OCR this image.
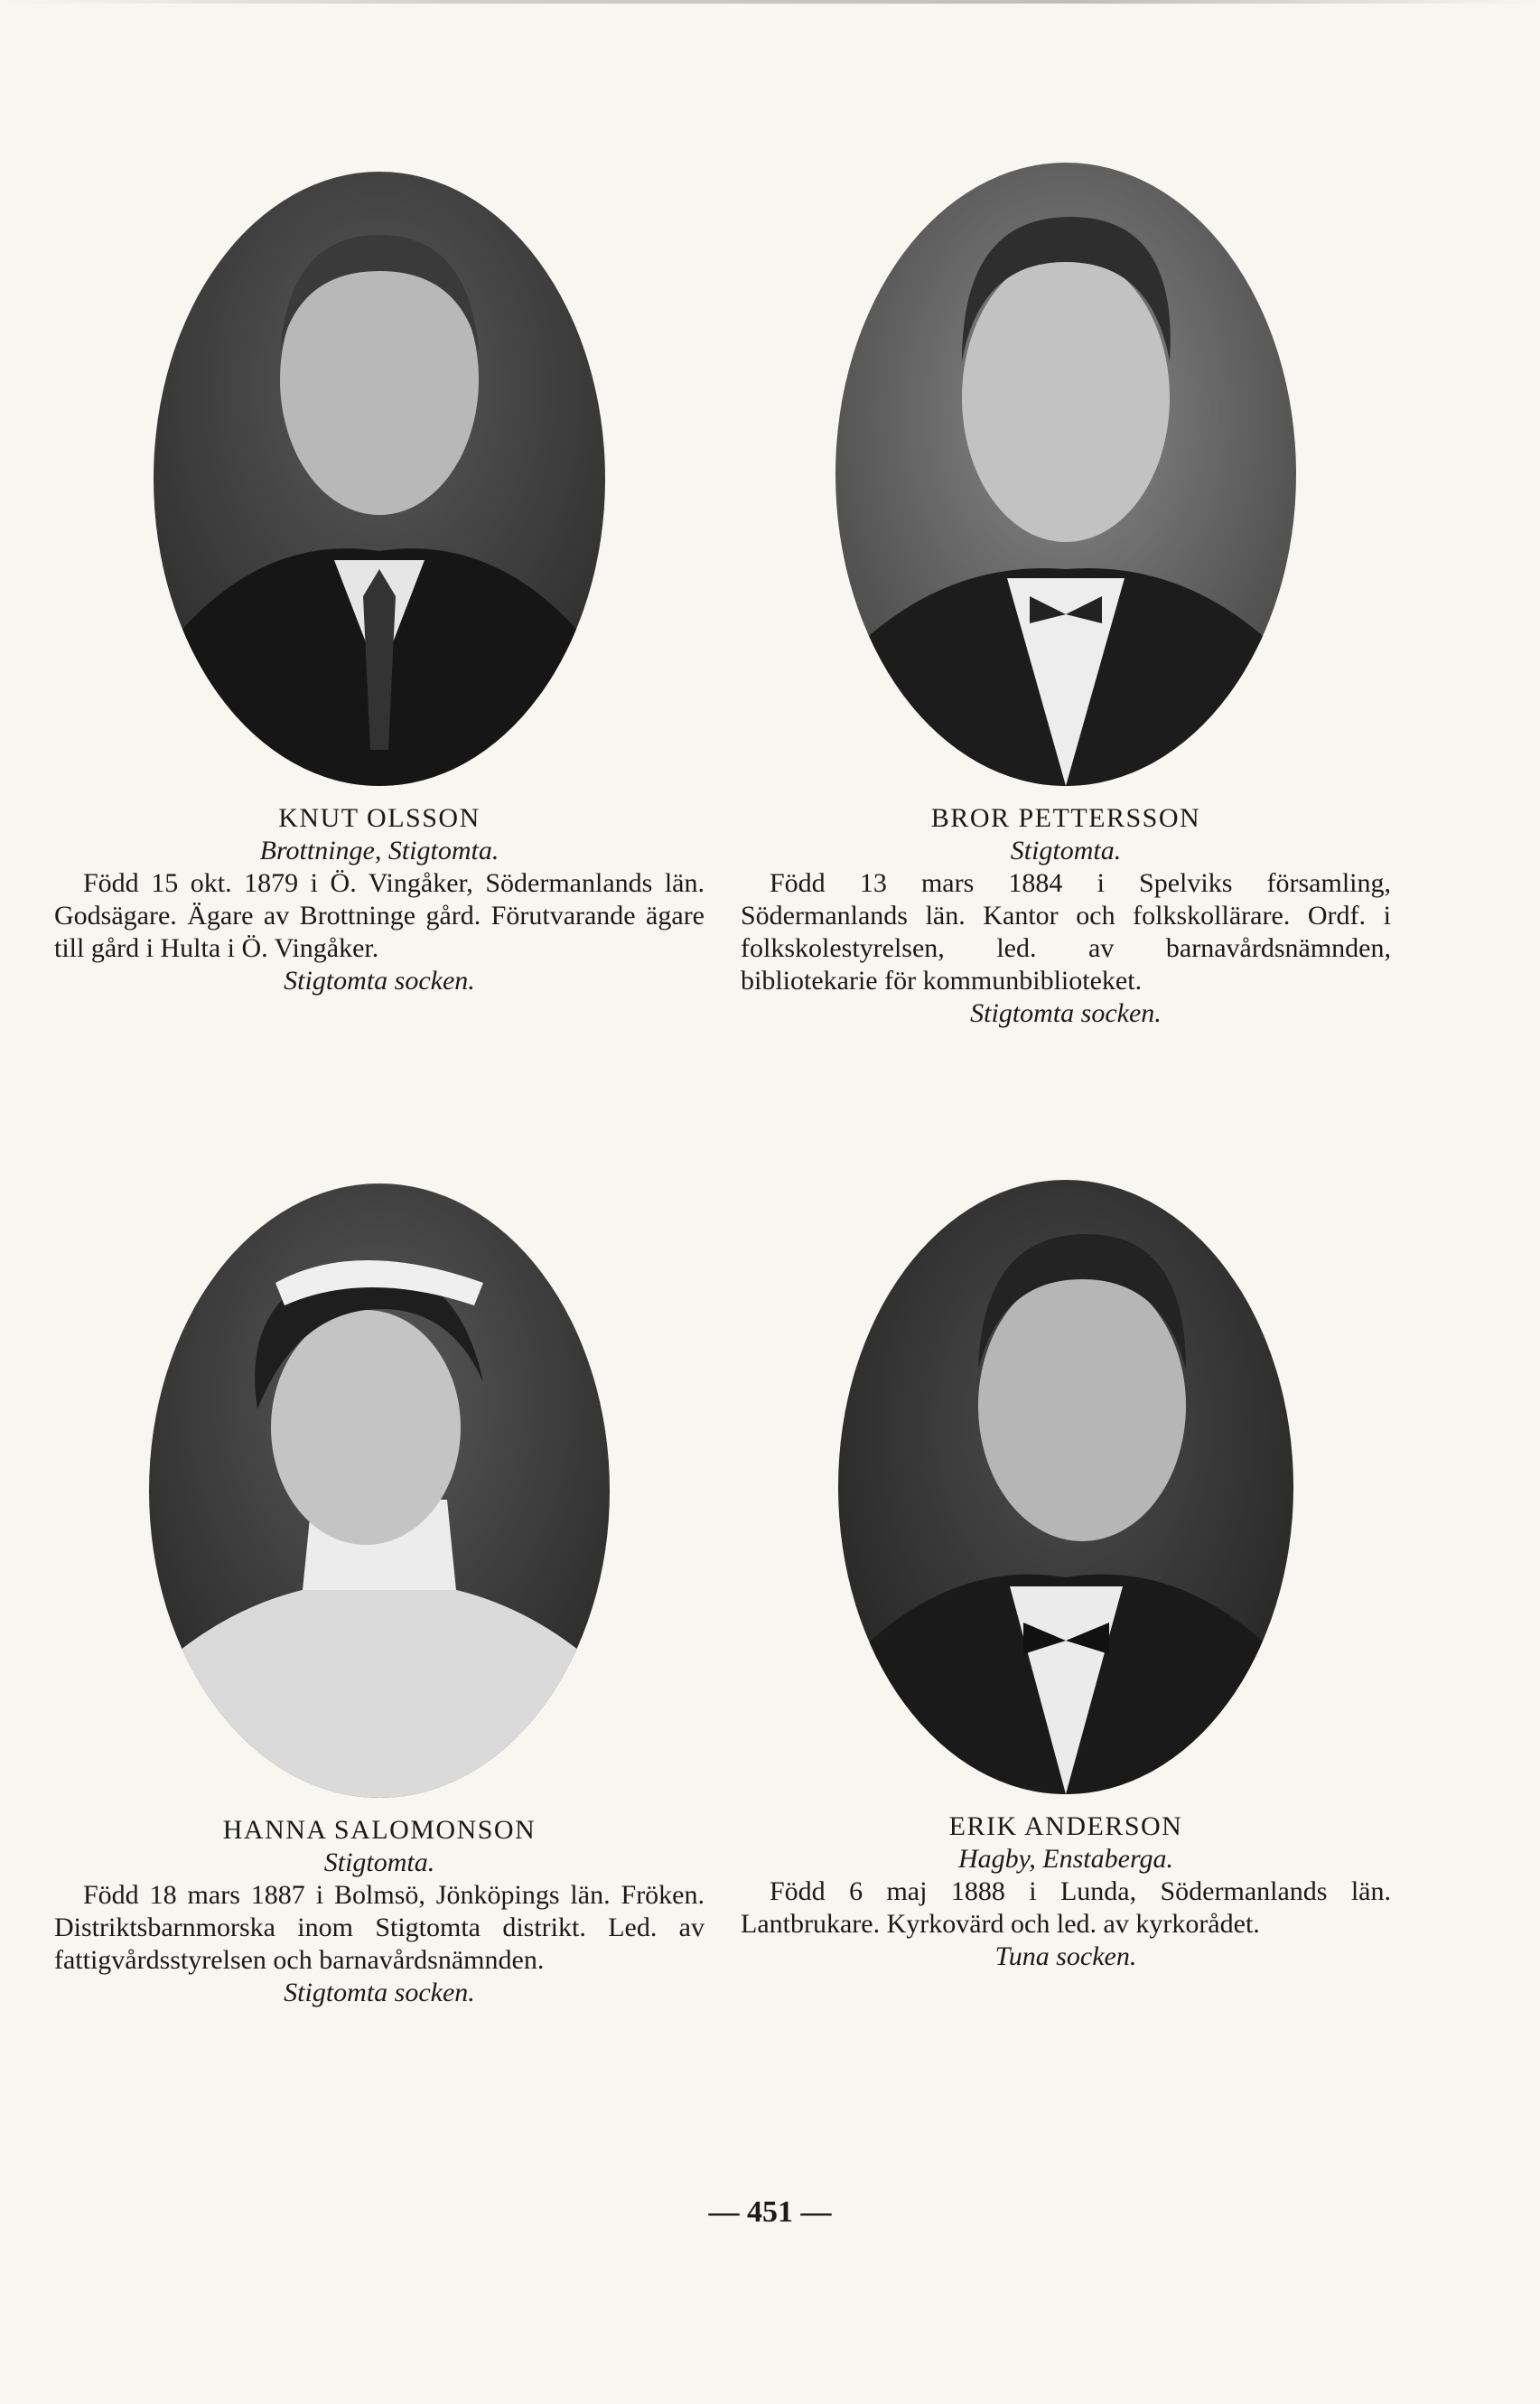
KNUT OLSSON
Brottninge, Stigtomta.
Född 15 okt. 1879 i Ö. Vingåker, Södermanlands län. Godsägare. Ägare av Brottninge gård. Förutvarande ägare till gård i Hulta i Ö. Vingåker.
Stigtomta socken.
BROR PETTERSSON
Stigtomta.
Född 13 mars 1884 i Spelviks församling, Södermanlands län. Kantor och folkskollärare. Ordf. i folkskolestyrelsen, led. av barnavårdsnämnden, bibliotekarie för kommunbiblioteket.
Stigtomta socken.
HANNA SALOMONSON
Stigtomta.
Född 18 mars 1887 i Bolmsö, Jönköpings län. Fröken. Distriktsbarnmorska inom Stigtomta distrikt. Led. av fattigvårdsstyrelsen och barnavårdsnämnden.
Stigtomta socken.
ERIK ANDERSON
Hagby, Enstaberga.
Född 6 maj 1888 i Lunda, Södermanlands län. Lantbrukare. Kyrkovärd och led. av kyrkorådet.
Tuna socken.
— 451 —
